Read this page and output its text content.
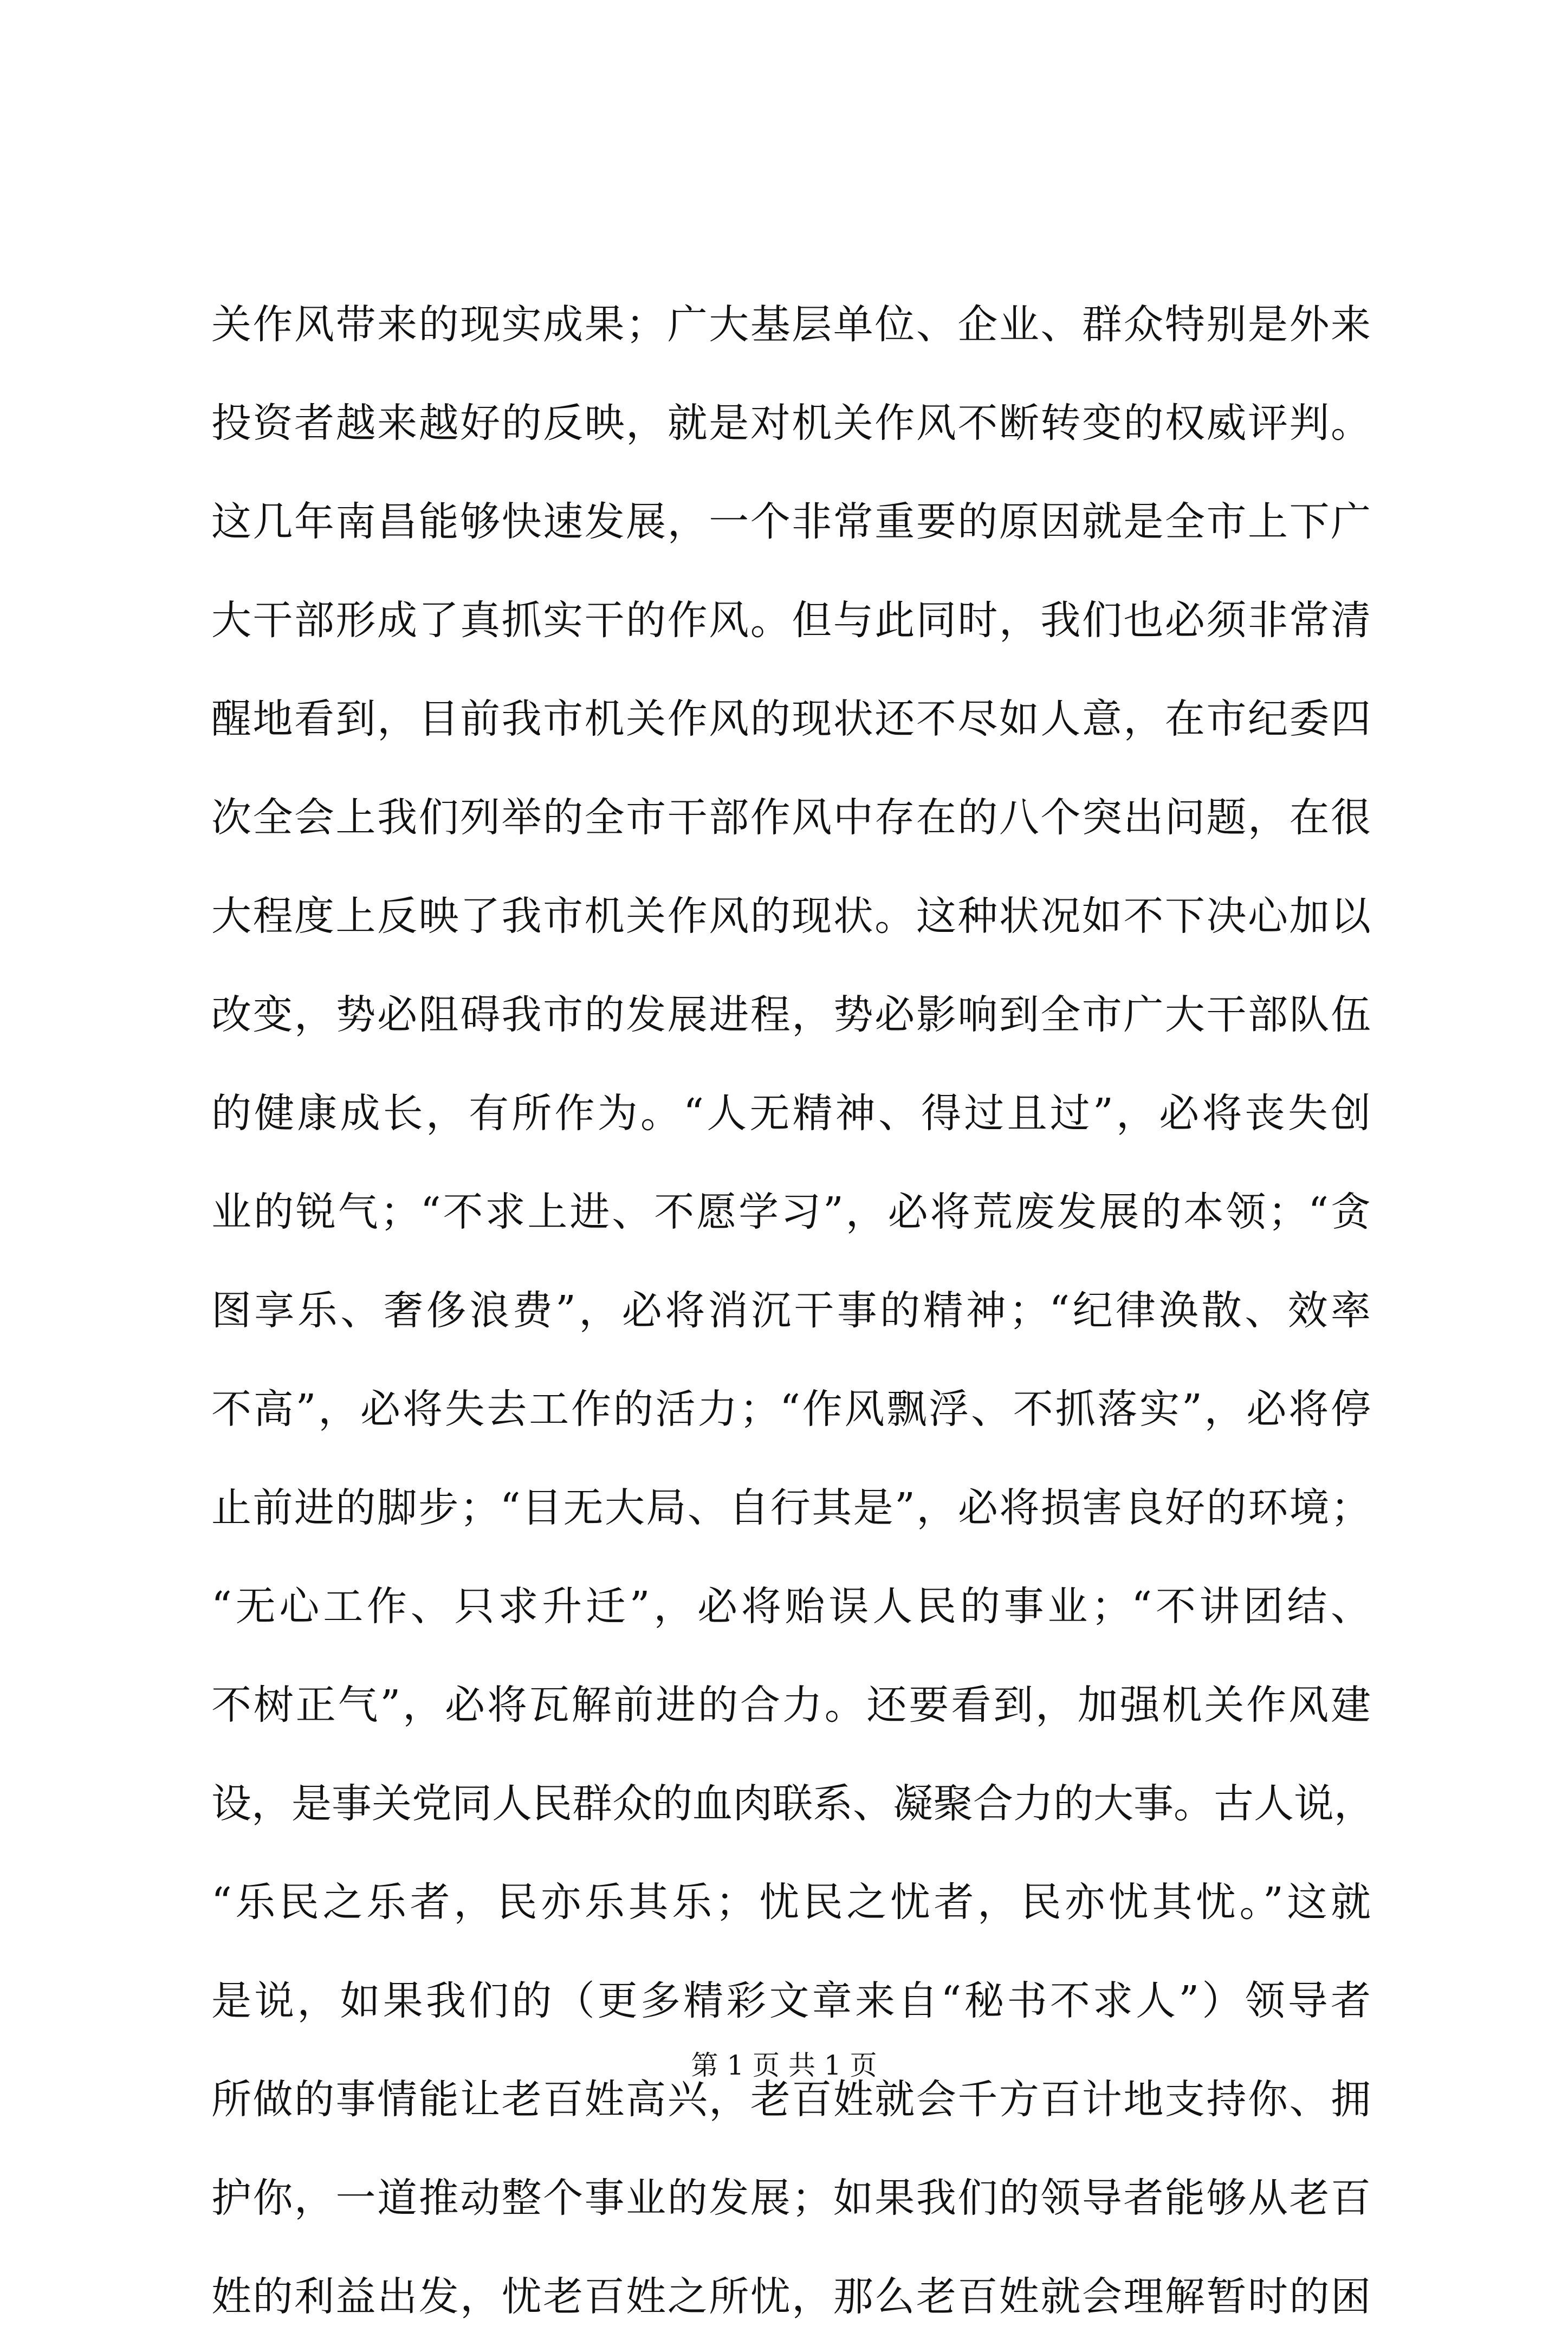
关作风带来的现实成果；广大基层单位、企业、群众特别是外来
投资者越来越好的反映，就是对机关作风不断转变的权威评判。
这几年南昌能够快速发展，一个非常重要的原因就是全市上下广
大干部形成了真抓实干的作风。但与此同时，我们也必须非常清
醒地看到，目前我市机关作风的现状还不尽如人意，在市纪委四
次全会上我们列举的全市干部作风中存在的八个突出问题，在很
大程度上反映了我市机关作风的现状。这种状况如不下决心加以
改变，势必阻碍我市的发展进程，势必影响到全市广大干部队伍
的健康成长，有所作为。“人无精神、得过且过”，必将丧失创
业的锐气；“不求上进、不愿学习”，必将荒废发展的本领；“贪
图享乐、奢侈浪费”，必将消沉干事的精神；“纪律涣散、效率
不高”，必将失去工作的活力；“作风飘浮、不抓落实”，必将停
止前进的脚步；“目无大局、自行其是”，必将损害良好的环境；
“无心工作、只求升迁”，必将贻误人民的事业；“不讲团结、
不树正气”，必将瓦解前进的合力。还要看到，加强机关作风建
设，是事关党同人民群众的血肉联系、凝聚合力的大事。古人说，
“乐民之乐者，民亦乐其乐；忧民之忧者，民亦忧其忧。”这就
是说，如果我们的（更多精彩文章来自“秘书不求人”）领导者
所做的事情能让老百姓高兴，老百姓就会千方百计地支持你、拥
护你，一道推动整个事业的发展；如果我们的领导者能够从老百
姓的利益出发，忧老百姓之所忧，那么老百姓就会理解暂时的困
第 1 页 共 1 页
